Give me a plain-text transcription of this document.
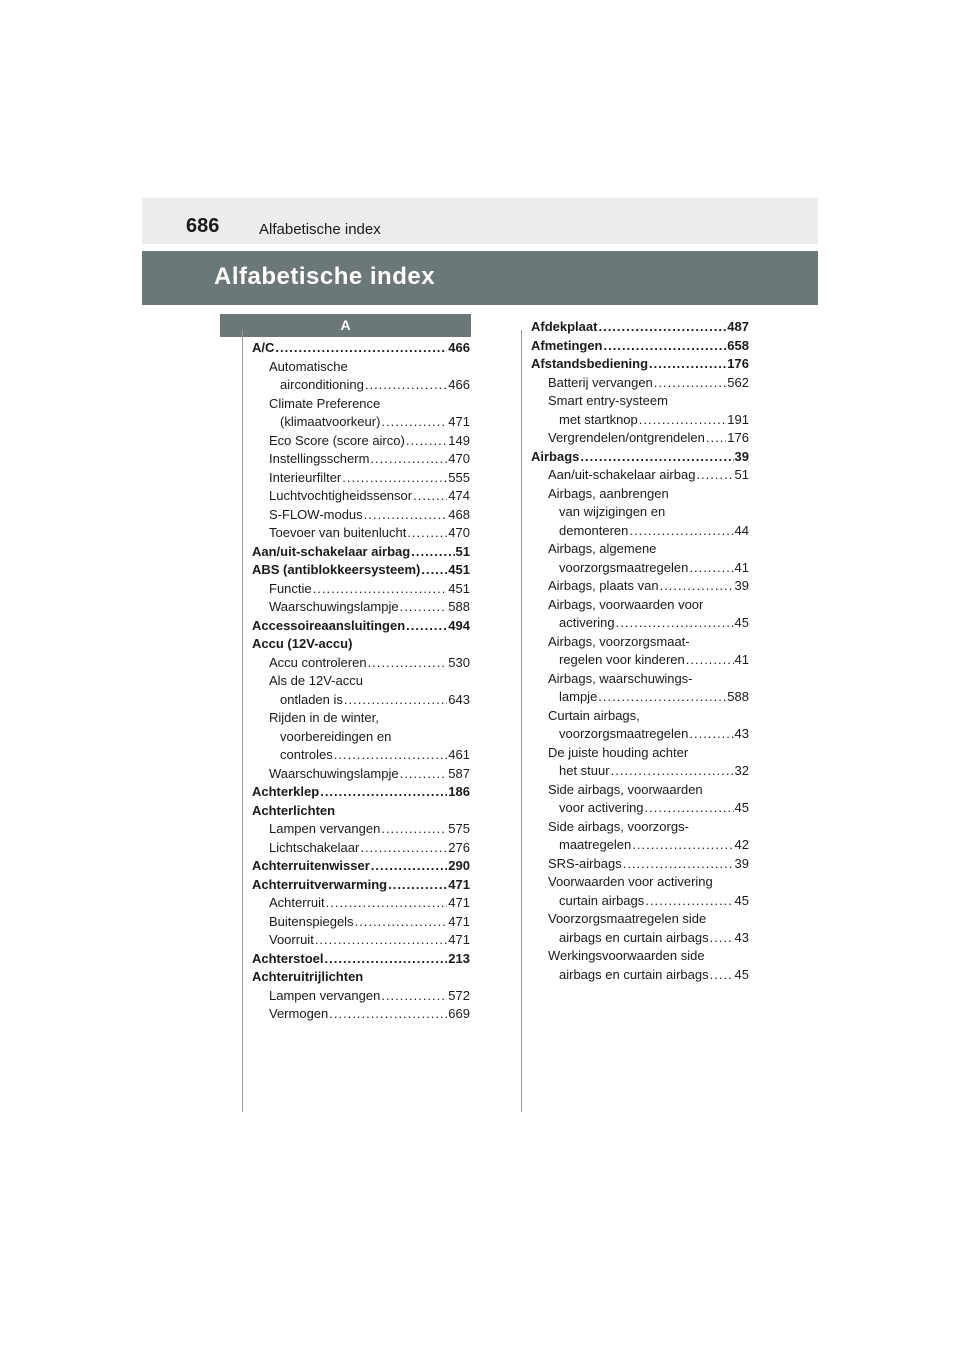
686	Alfabetische index
Alfabetische index
A
A/C .....	466
Automatische
airconditioning .....	466
Climate Preference
(klimaatvoorkeur) .....	471
Eco Score (score airco) .....	149
Instellingsscherm .....	470
Interieurfilter .....	555
Luchtvochtigheidssensor .....	474
S-FLOW-modus .....	468
Toevoer van buitenlucht .....	470
Aan/uit-schakelaar airbag .....	51
ABS (antiblokkeersysteem) ..... 451
Functie .....	451
Waarschuwingslampje .....	588
Accessoireaansluitingen .....	494
Accu (12V-accu)
Accu controleren .....	530
Als de 12V-accu
ontladen is .....	643
Rijden in de winter,
voorbereidingen en
controles .....	461
Waarschuwingslampje .....	587
Achterklep .....	186
Achterlichten
Lampen vervangen .....	575
Lichtschakelaar .....	276
Achterruitenwisser .....	290
Achterruitverwarming .....	471
Achterruit .....	471
Buitenspiegels .....	471
Voorruit .....	471
Achterstoel .....	213
Achteruitrijlichten
Lampen vervangen .....	572
Vermogen .....	669
Afdekplaat .....	487
Afmetingen .....	658
Afstandsbediening .....	176
Batterij vervangen .....	562
Smart entry-systeem
met startknop .....	191
Vergrendelen/ontgrendelen ..... 176
Airbags .....	39
Aan/uit-schakelaar airbag .....	51
Airbags, aanbrengen
van wijzigingen en
demonteren .....	44
Airbags, algemene
voorzorgsmaatregelen .....	41
Airbags, plaats van .....	39
Airbags, voorwaarden voor
activering .....	45
Airbags, voorzorgsmaat-
regelen voor kinderen .....	41
Airbags, waarschuwings-
lampje .....	588
Curtain airbags,
voorzorgsmaatregelen .....	43
De juiste houding achter
het stuur .....	32
Side airbags, voorwaarden
voor activering .....	45
Side airbags, voorzorgs-
maatregelen .....	42
SRS-airbags .....	39
Voorwaarden voor activering
curtain airbags .....	45
Voorzorgsmaatregelen side
airbags en curtain airbags ..... 43
Werkingsvoorwaarden side
airbags en curtain airbags ..... 45
